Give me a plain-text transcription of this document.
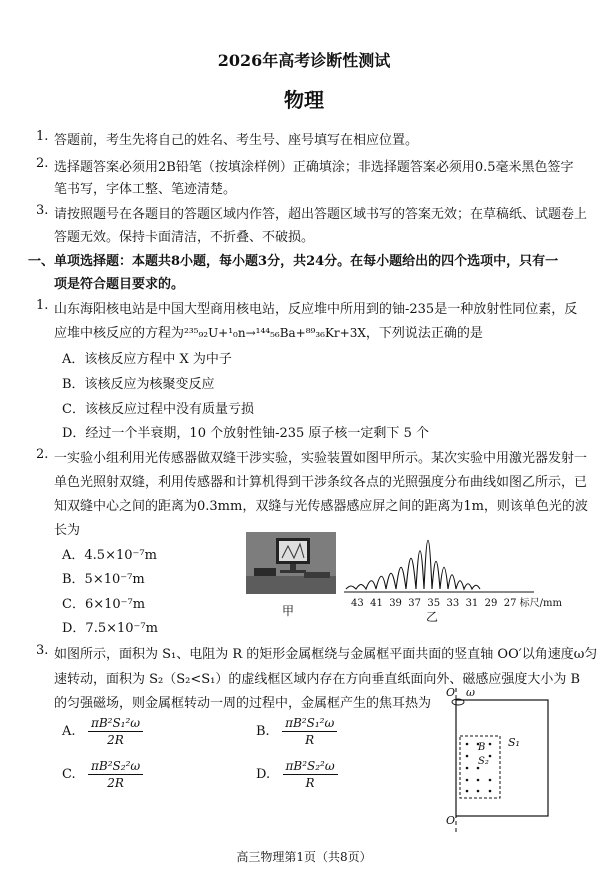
2026年高考诊断性测试
物理
1. 答题前，考生先将自己的姓名、考生号、座号填写在相应位置。
2. 选择题答案必须用2B铅笔（按填涂样例）正确填涂；非选择题答案必须用0.5毫米黑色签字
笔书写，字体工整、笔迹清楚。
3. 请按照题号在各题目的答题区域内作答，超出答题区域书写的答案无效；在草稿纸、试题卷上
答题无效。保持卡面清洁，不折叠、不破损。
一、单项选择题：本题共8小题，每小题3分，共24分。在每小题给出的四个选项中，只有一
项是符合题目要求的。
1. 山东海阳核电站是中国大型商用核电站，反应堆中所用到的铀-235是一种放射性同位素，反
应堆中核反应的方程为²³⁵₉₂U+¹₀n→¹⁴⁴₅₆Ba+⁸⁹₃₆Kr+3X，下列说法正确的是
A．该核反应方程中 X 为中子
B．该核反应为核聚变反应
C．该核反应过程中没有质量亏损
D．经过一个半衰期，10 个放射性铀-235 原子核一定剩下 5 个
2. 一实验小组利用光传感器做双缝干涉实验，实验装置如图甲所示。某次实验中用激光器发射一
单色光照射双缝，利用传感器和计算机得到干涉条纹各点的光照强度分布曲线如图乙所示，已
知双缝中心之间的距离为0.3mm，双缝与光传感器感应屏之间的距离为1m，则该单色光的波
长为
A．4.5×10⁻⁷m
B．5×10⁻⁷m
C．6×10⁻⁷m
D．7.5×10⁻⁷m
甲
43 41 39 37 35 33 31 29 27 标尺/mm
乙
3. 如图所示，面积为 S₁、电阻为 R 的矩形金属框绕与金属框平面共面的竖直轴 OO′以角速度ω匀
速转动，面积为 S₂（S₂<S₁）的虚线框区域内存在方向垂直纸面向外、磁感应强度大小为 B
的匀强磁场，则金属框转动一周的过程中，金属框产生的焦耳热为
A. $\frac{\text{πB²S₁²ω}}{2R}$	B. $\frac{\text{πB²S₁²ω}}{R}$
C. $\frac{\text{πB²S₂²ω}}{2R}$	D. $\frac{\text{πB²S₂²ω}}{R}$
O ω
O′
S₁
B
S₂
高三物理第1页（共8页）
